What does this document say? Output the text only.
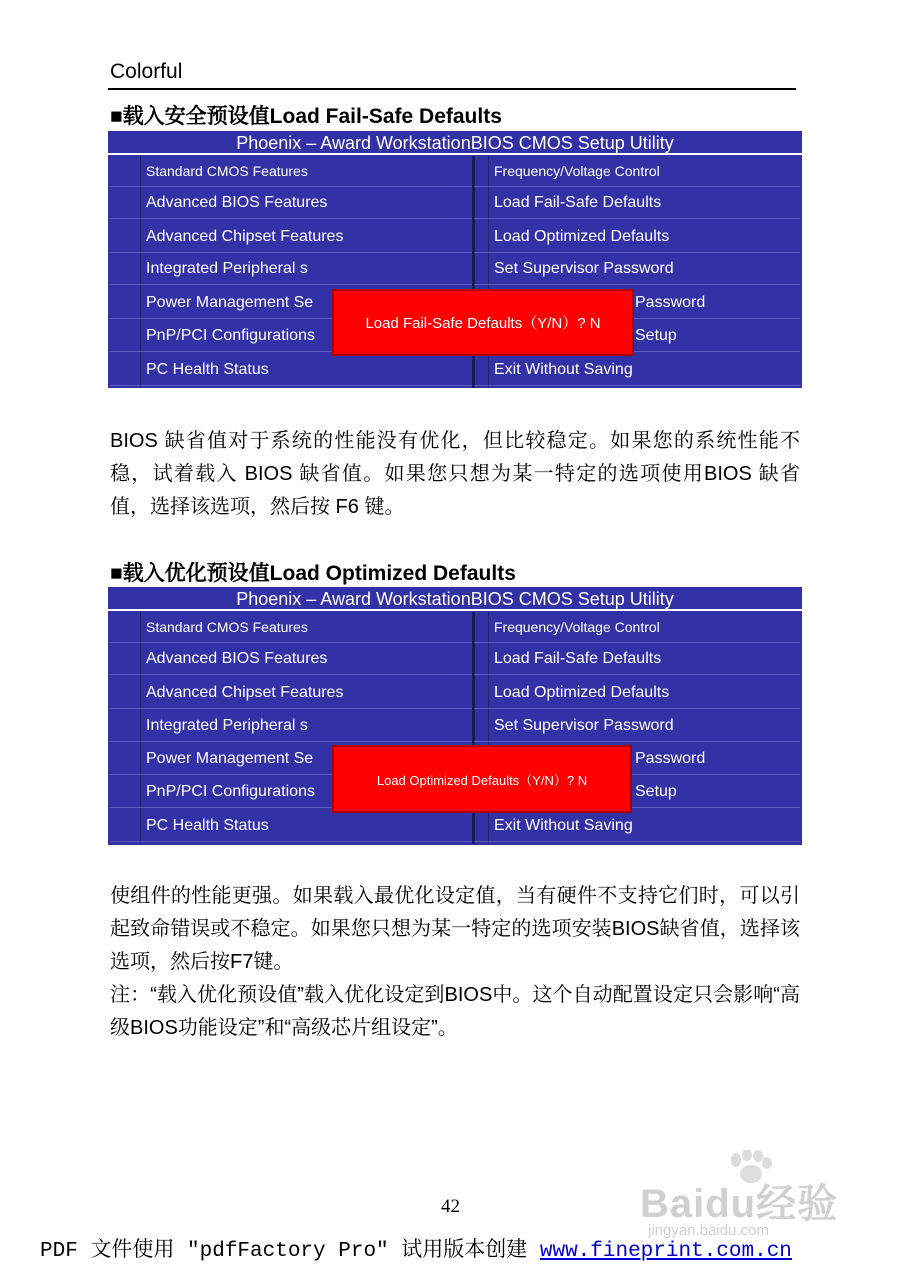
Colorful
■载入安全预设值Load Fail-Safe Defaults
Phoenix – Award WorkstationBIOS CMOS Setup Utility
Standard CMOS Features
Advanced BIOS Features
Advanced Chipset Features
Integrated Peripheral s
Power Management Se
PnP/PCI Configurations
PC Health Status
Frequency/Voltage Control
Load Fail-Safe Defaults
Load Optimized Defaults
Set Supervisor Password
Password
Setup
Exit Without Saving
Load Fail-Safe Defaults（Y/N）? N

BIOS 缺省值对于系统的性能没有优化，但比较稳定。如果您的系统性能不稳，试着载入 BIOS 缺省值。如果您只想为某一特定的选项使用BIOS 缺省值，选择该选项，然后按 F6 键。

■载入优化预设值Load Optimized Defaults
Phoenix – Award WorkstationBIOS CMOS Setup Utility
Standard CMOS Features
Advanced BIOS Features
Advanced Chipset Features
Integrated Peripheral s
Power Management Se
PnP/PCI Configurations
PC Health Status
Frequency/Voltage Control
Load Fail-Safe Defaults
Load Optimized Defaults
Set Supervisor Password
Password
Setup
Exit Without Saving
Load Optimized Defaults（Y/N）? N

使组件的性能更强。如果载入最优化设定值，当有硬件不支持它们时，可以引起致命错误或不稳定。如果您只想为某一特定的选项安装BIOS缺省值，选择该选项，然后按F7键。

注：“载入优化预设值”载入优化设定到BIOS中。这个自动配置设定只会影响“高级BIOS功能设定”和“高级芯片组设定”。

Baidu经验
jingyan.baidu.com
42
PDF 文件使用 "pdfFactory Pro" 试用版本创建 www.fineprint.com.cn
